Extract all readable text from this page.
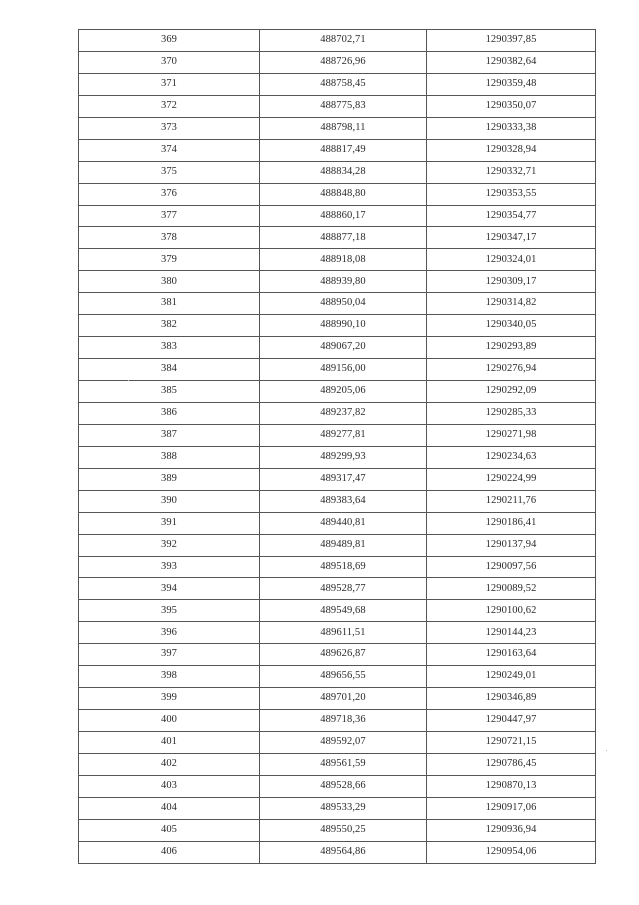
369	488702,71	1290397,85
370	488726,96	1290382,64
371	488758,45	1290359,48
372	488775,83	1290350,07
373	488798,11	1290333,38
374	488817,49	1290328,94
375	488834,28	1290332,71
376	488848,80	1290353,55
377	488860,17	1290354,77
378	488877,18	1290347,17
379	488918,08	1290324,01
380	488939,80	1290309,17
381	488950,04	1290314,82
382	488990,10	1290340,05
383	489067,20	1290293,89
384	489156,00	1290276,94
385	489205,06	1290292,09
386	489237,82	1290285,33
387	489277,81	1290271,98
388	489299,93	1290234,63
389	489317,47	1290224,99
390	489383,64	1290211,76
391	489440,81	1290186,41
392	489489,81	1290137,94
393	489518,69	1290097,56
394	489528,77	1290089,52
395	489549,68	1290100,62
396	489611,51	1290144,23
397	489626,87	1290163,64
398	489656,55	1290249,01
399	489701,20	1290346,89
400	489718,36	1290447,97
401	489592,07	1290721,15
402	489561,59	1290786,45
403	489528,66	1290870,13
404	489533,29	1290917,06
405	489550,25	1290936,94
406	489564,86	1290954,06
